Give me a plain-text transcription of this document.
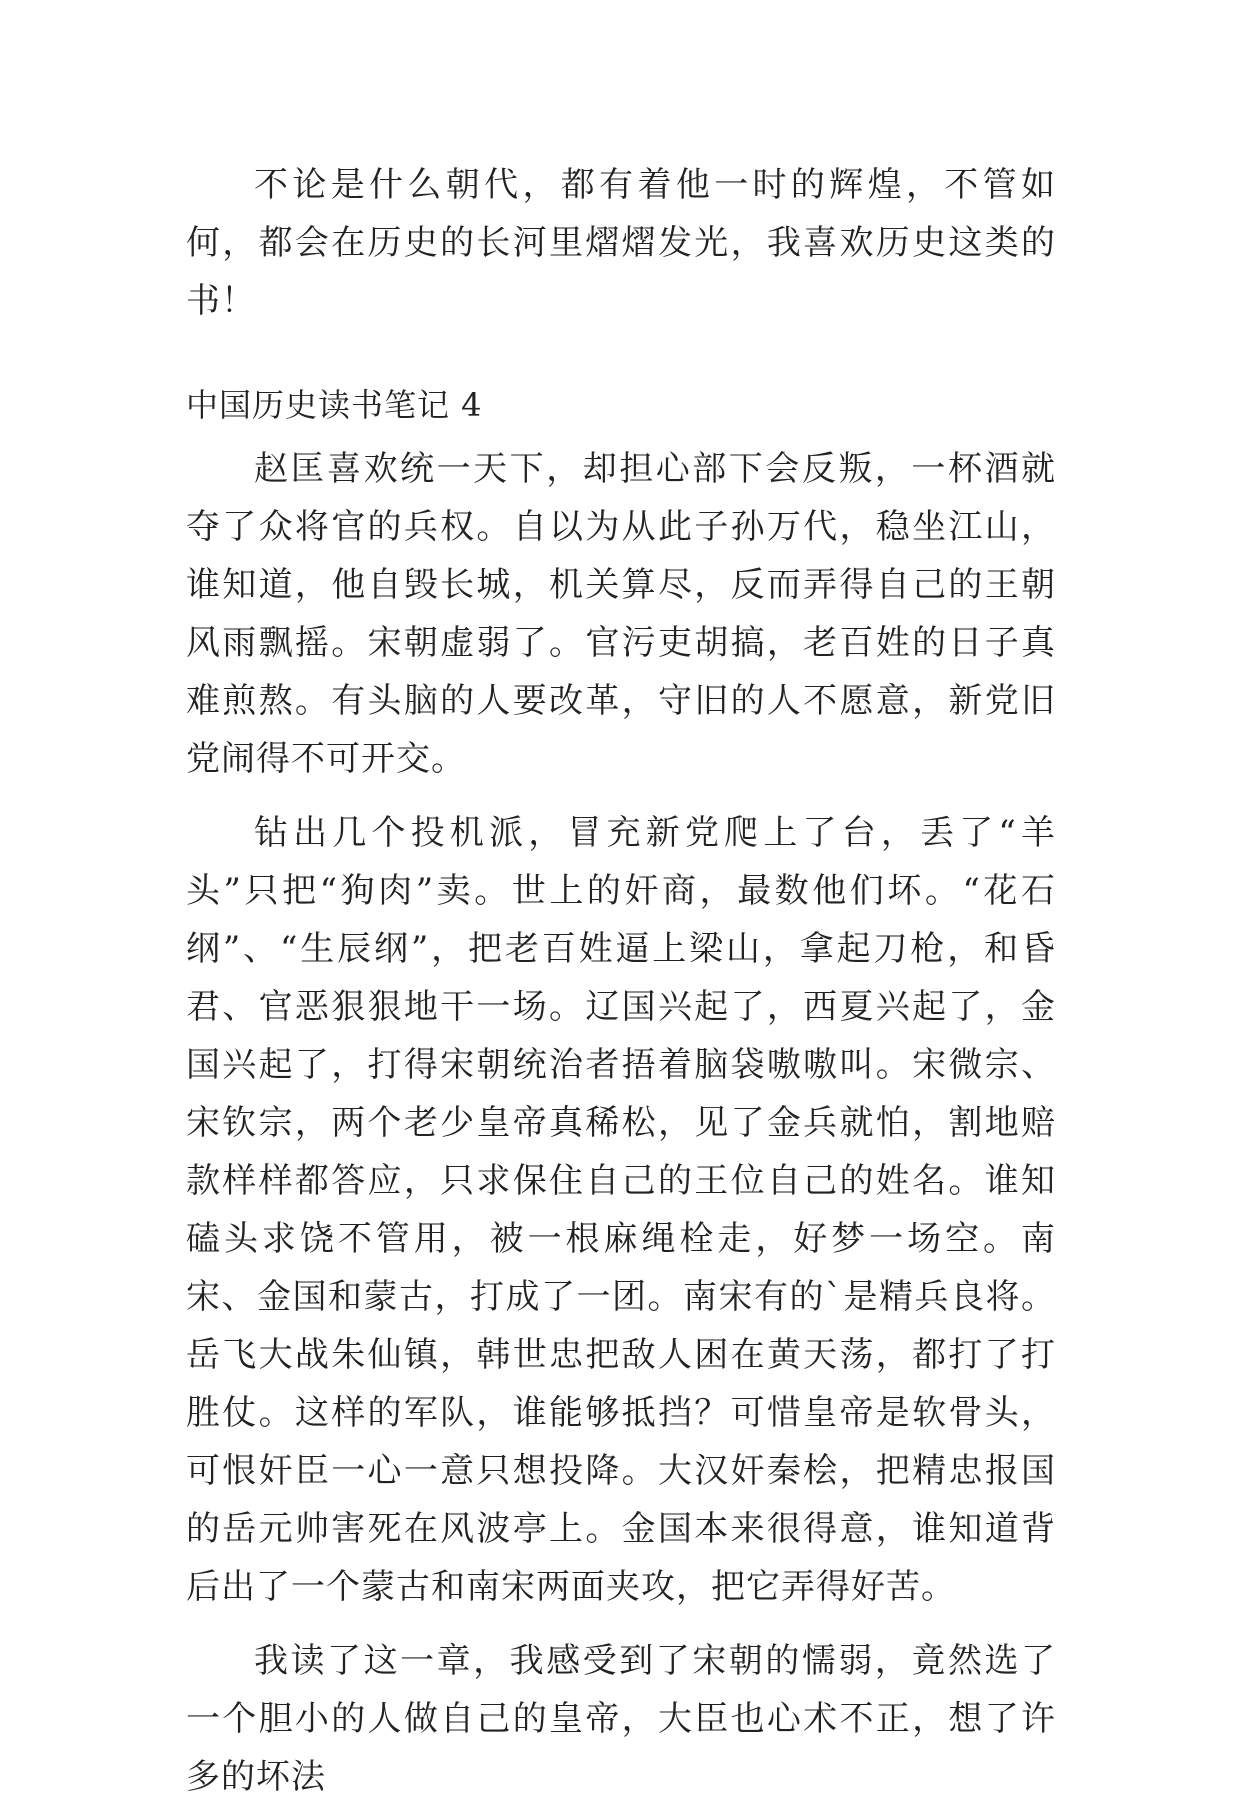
不论是什么朝代，都有着他一时的辉煌，不管如何，都会在历史的长河里熠熠发光，我喜欢历史这类的书！

中国历史读书笔记 4

赵匡喜欢统一天下，却担心部下会反叛，一杯酒就夺了众将官的兵权。自以为从此子孙万代，稳坐江山，谁知道，他自毁长城，机关算尽，反而弄得自己的王朝风雨飘摇。宋朝虚弱了。官污吏胡搞，老百姓的日子真难煎熬。有头脑的人要改革，守旧的人不愿意，新党旧党闹得不可开交。

钻出几个投机派，冒充新党爬上了台，丢了“羊头”只把“狗肉”卖。世上的奸商，最数他们坏。“花石纲”、“生辰纲”，把老百姓逼上梁山，拿起刀枪，和昏君、官恶狠狠地干一场。辽国兴起了，西夏兴起了，金国兴起了，打得宋朝统治者捂着脑袋嗷嗷叫。宋微宗、宋钦宗，两个老少皇帝真稀松，见了金兵就怕，割地赔款样样都答应，只求保住自己的王位自己的姓名。谁知磕头求饶不管用，被一根麻绳栓走，好梦一场空。南宋、金国和蒙古，打成了一团。南宋有的`是精兵良将。岳飞大战朱仙镇，韩世忠把敌人困在黄天荡，都打了打胜仗。这样的军队，谁能够抵挡？可惜皇帝是软骨头，可恨奸臣一心一意只想投降。大汉奸秦桧，把精忠报国的岳元帅害死在风波亭上。金国本来很得意，谁知道背后出了一个蒙古和南宋两面夹攻，把它弄得好苦。

我读了这一章，我感受到了宋朝的懦弱，竟然选了一个胆小的人做自己的皇帝，大臣也心术不正，想了许多的坏法
